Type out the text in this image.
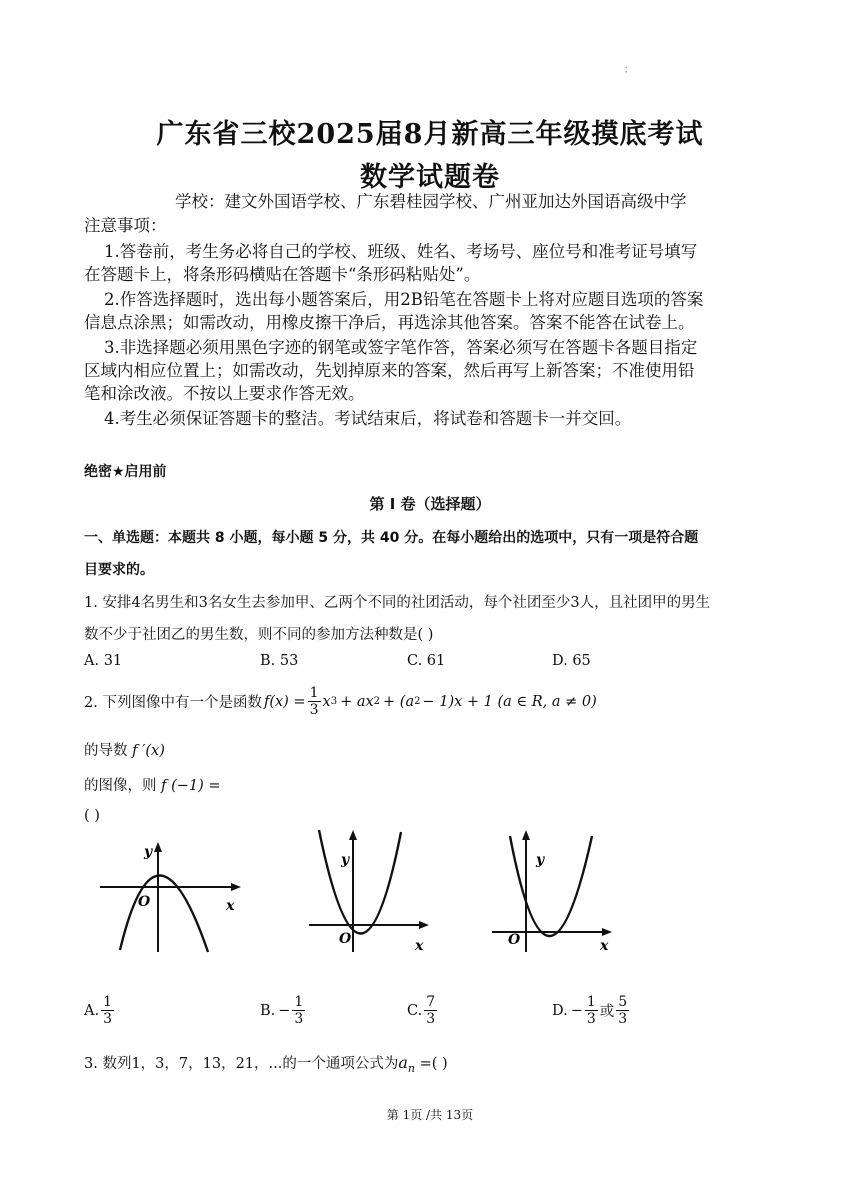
；
广东省三校2025届8月新高三年级摸底考试
数学试题卷
学校：建文外国语学校、广东碧桂园学校、广州亚加达外国语高级中学
注意事项：
1.答卷前，考生务必将自己的学校、班级、姓名、考场号、座位号和准考证号填写
在答题卡上，将条形码横贴在答题卡“条形码粘贴处”。
2.作答选择题时，选出每小题答案后，用2B铅笔在答题卡上将对应题目选项的答案
信息点涂黑；如需改动，用橡皮擦干净后，再选涂其他答案。答案不能答在试卷上。
3.非选择题必须用黑色字迹的钢笔或签字笔作答，答案必须写在答题卡各题目指定
区域内相应位置上；如需改动，先划掉原来的答案，然后再写上新答案；不准使用铅
笔和涂改液。不按以上要求作答无效。
4.考生必须保证答题卡的整洁。考试结束后，将试卷和答题卡一并交回。
绝密★启用前
第 I 卷（选择题）
一、单选题：本题共 8 小题，每小题 5 分，共 40 分。在每小题给出的选项中，只有一项是符合题
目要求的。
1. 安排4名男生和3名女生去参加甲、乙两个不同的社团活动，每个社团至少3人，且社团甲的男生
数不少于社团乙的男生数，则不同的参加方法种数是( )
A. 31	B. 53	C. 61	D. 65
2. 下列图像中有一个是函数 $f(x) = \frac{1}{3}$ x 3 + ax 2 + (a 2 − 1)x + 1 (a ∈ R, a ≠ 0)
的导数 f ′(x)
的图像，则 f (−1) =
( )
y
x
O
y
x
O
y
x
O
A. $\frac{1}{3}$	B. − $\frac{1}{3}$	C. $\frac{7}{3}$	D. − $\frac{1}{3}$ 或 $\frac{5}{3}$
3. 数列1，3，7，13，21，...的一个通项公式为$a_n$ =( )
第 1页 /共 13页
